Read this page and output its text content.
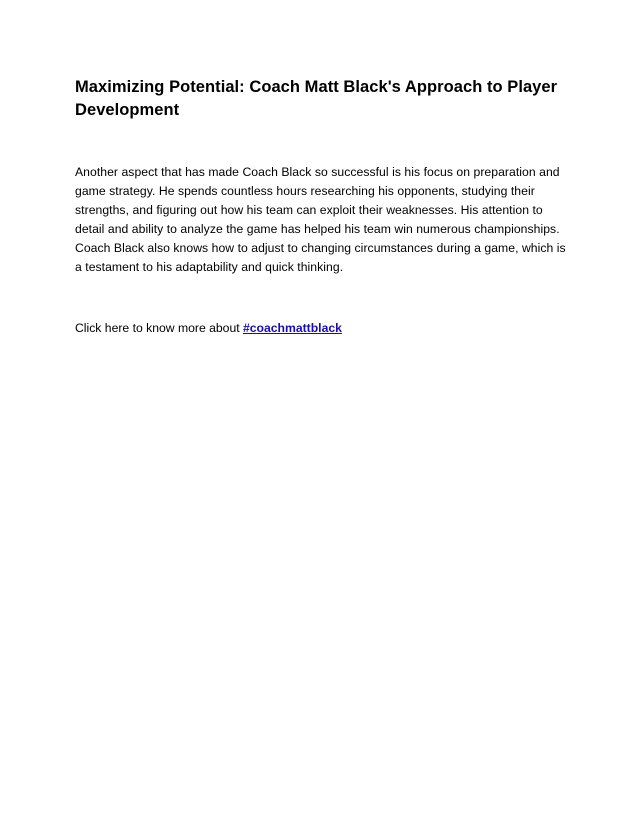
Maximizing Potential: Coach Matt Black's Approach to Player Development

Another aspect that has made Coach Black so successful is his focus on preparation and game strategy. He spends countless hours researching his opponents, studying their strengths, and figuring out how his team can exploit their weaknesses. His attention to detail and ability to analyze the game has helped his team win numerous championships. Coach Black also knows how to adjust to changing circumstances during a game, which is a testament to his adaptability and quick thinking.

Click here to know more about #coachmattblack
